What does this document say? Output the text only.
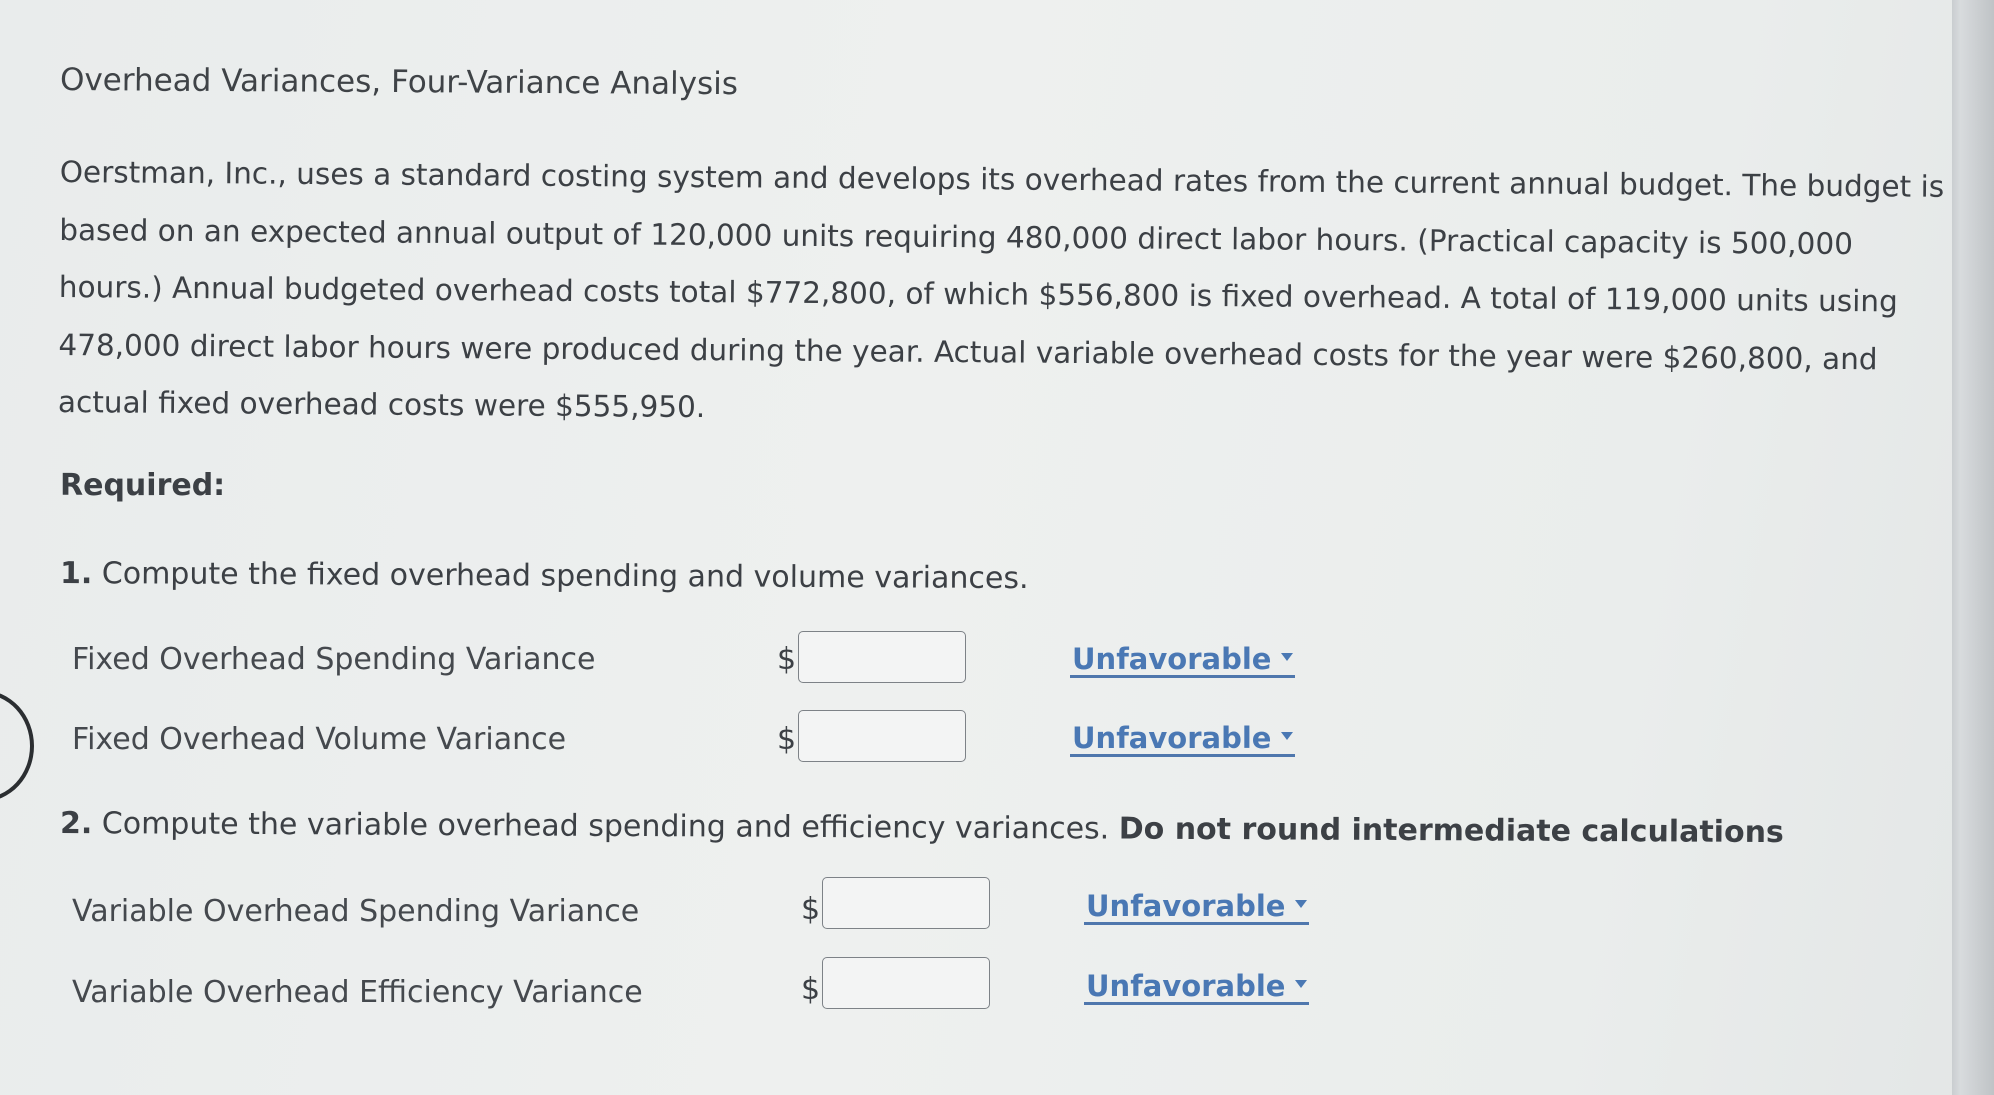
Overhead Variances, Four-Variance Analysis
Oerstman, Inc., uses a standard costing system and develops its overhead rates from the current annual budget. The budget is
based on an expected annual output of 120,000 units requiring 480,000 direct labor hours. (Practical capacity is 500,000
hours.) Annual budgeted overhead costs total $772,800, of which $556,800 is fixed overhead. A total of 119,000 units using
478,000 direct labor hours were produced during the year. Actual variable overhead costs for the year were $260,800, and
actual fixed overhead costs were $555,950.
Required:
1. Compute the fixed overhead spending and volume variances.
Fixed Overhead Spending Variance	$	Unfavorable
Fixed Overhead Volume Variance	$	Unfavorable
2. Compute the variable overhead spending and efficiency variances. Do not round intermediate calculations
Variable Overhead Spending Variance	$	Unfavorable
Variable Overhead Efficiency Variance	$	Unfavorable
